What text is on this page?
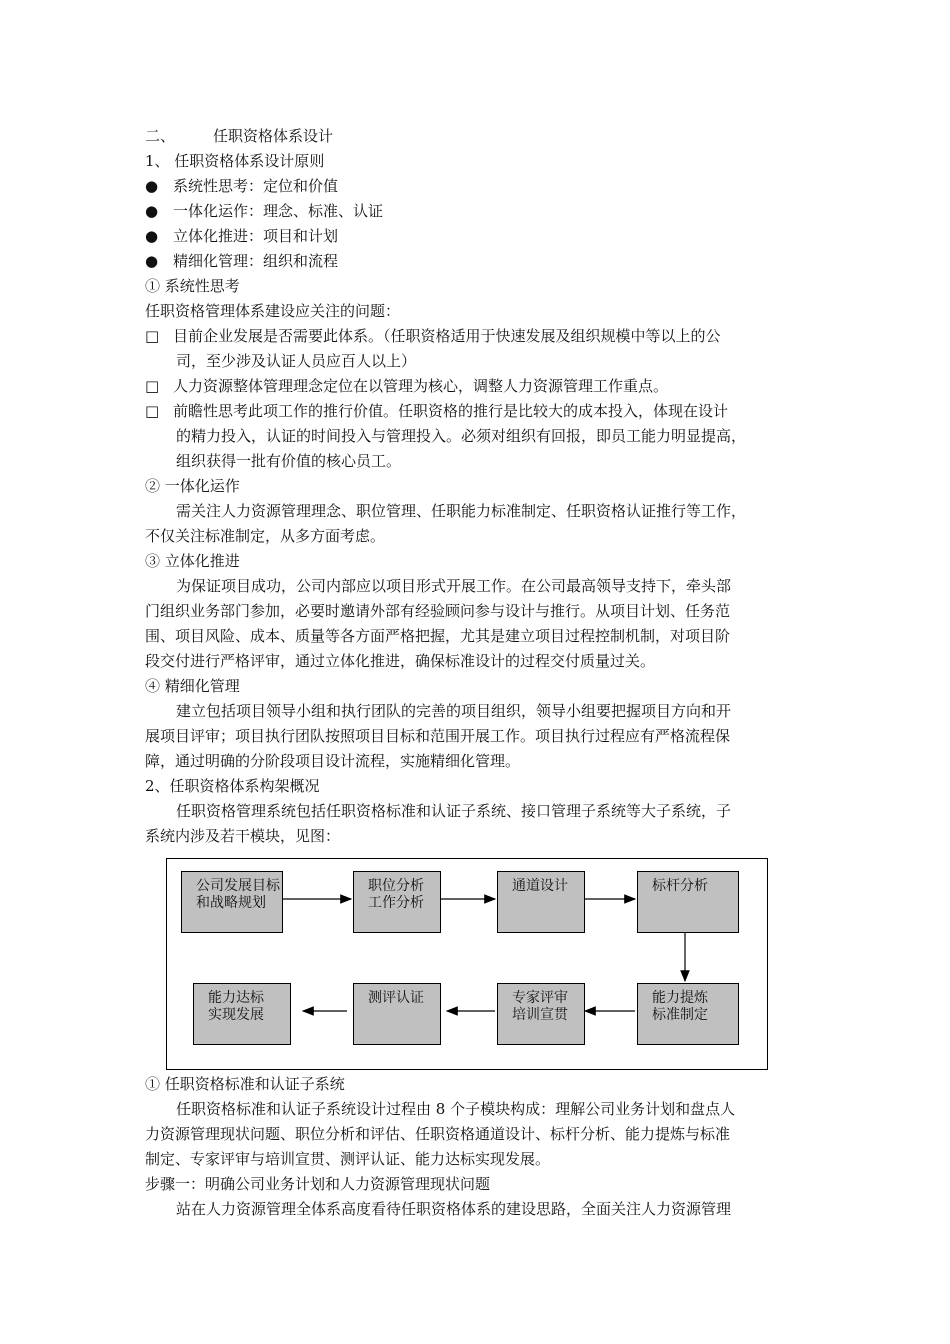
二、	任职资格体系设计
1、 任职资格体系设计原则
● 系统性思考：定位和价值
● 一体化运作：理念、标准、认证
● 立体化推进：项目和计划
● 精细化管理：组织和流程
① 系统性思考
任职资格管理体系建设应关注的问题：
□ 目前企业发展是否需要此体系。（任职资格适用于快速发展及组织规模中等以上的公
司，至少涉及认证人员应百人以上）
□ 人力资源整体管理理念定位在以管理为核心，调整人力资源管理工作重点。
□ 前瞻性思考此项工作的推行价值。任职资格的推行是比较大的成本投入，体现在设计
的精力投入，认证的时间投入与管理投入。必须对组织有回报，即员工能力明显提高，
组织获得一批有价值的核心员工。
② 一体化运作
需关注人力资源管理理念、职位管理、任职能力标准制定、任职资格认证推行等工作，
不仅关注标准制定，从多方面考虑。
③ 立体化推进
为保证项目成功，公司内部应以项目形式开展工作。在公司最高领导支持下，牵头部
门组织业务部门参加，必要时邀请外部有经验顾问参与设计与推行。从项目计划、任务范
围、项目风险、成本、质量等各方面严格把握，尤其是建立项目过程控制机制，对项目阶
段交付进行严格评审，通过立体化推进，确保标准设计的过程交付质量过关。
④ 精细化管理
建立包括项目领导小组和执行团队的完善的项目组织，领导小组要把握项目方向和开
展项目评审；项目执行团队按照项目目标和范围开展工作。项目执行过程应有严格流程保
障，通过明确的分阶段项目设计流程，实施精细化管理。
2、任职资格体系构架概况
任职资格管理系统包括任职资格标准和认证子系统、接口管理子系统等大子系统，子
系统内涉及若干模块，见图：
公司发展目标
和战略规划
职位分析
工作分析
通道设计	标杆分析
能力提炼
标准制定
专家评审
培训宣贯
测评认证
能力达标
实现发展
① 任职资格标准和认证子系统
任职资格标准和认证子系统设计过程由 8 个子模块构成：理解公司业务计划和盘点人
力资源管理现状问题、职位分析和评估、任职资格通道设计、标杆分析、能力提炼与标准
制定、专家评审与培训宣贯、测评认证、能力达标实现发展。
步骤一：明确公司业务计划和人力资源管理现状问题
站在人力资源管理全体系高度看待任职资格体系的建设思路，全面关注人力资源管理
